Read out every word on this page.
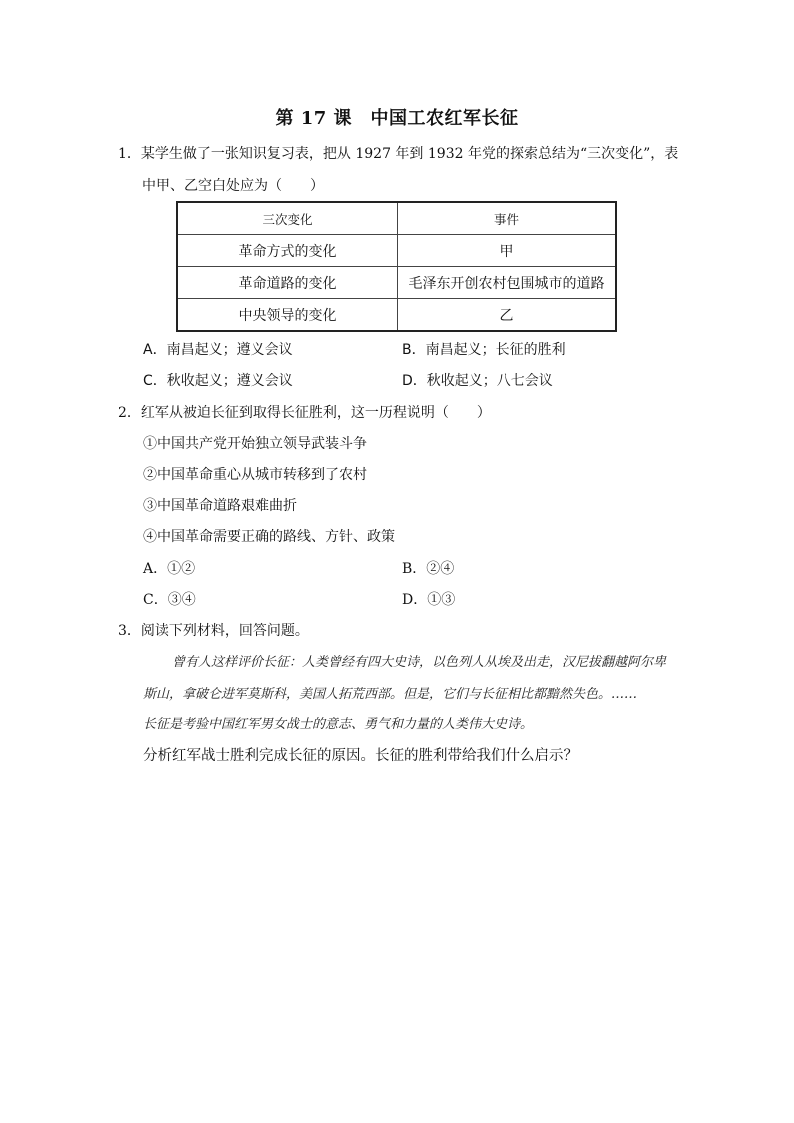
第 17 课　中国工农红军长征
1．某学生做了一张知识复习表，把从 1927 年到 1932 年党的探索总结为“三次变化”，表
中甲、乙空白处应为（　　）
三次变化	事件
革命方式的变化	甲
革命道路的变化	毛泽东开创农村包围城市的道路
中央领导的变化	乙
A．南昌起义；遵义会议	B．南昌起义；长征的胜利
C．秋收起义；遵义会议	D．秋收起义；八七会议
2．红军从被迫长征到取得长征胜利，这一历程说明（　　）
①中国共产党开始独立领导武装斗争
②中国革命重心从城市转移到了农村
③中国革命道路艰难曲折
④中国革命需要正确的路线、方针、政策
A．①②	B．②④
C．③④	D．①③
3．阅读下列材料，回答问题。
曾有人这样评价长征：人类曾经有四大史诗，以色列人从埃及出走，汉尼拔翻越阿尔卑
斯山，拿破仑进军莫斯科，美国人拓荒西部。但是，它们与长征相比都黯然失色。……
长征是考验中国红军男女战士的意志、勇气和力量的人类伟大史诗。
分析红军战士胜利完成长征的原因。长征的胜利带给我们什么启示？
